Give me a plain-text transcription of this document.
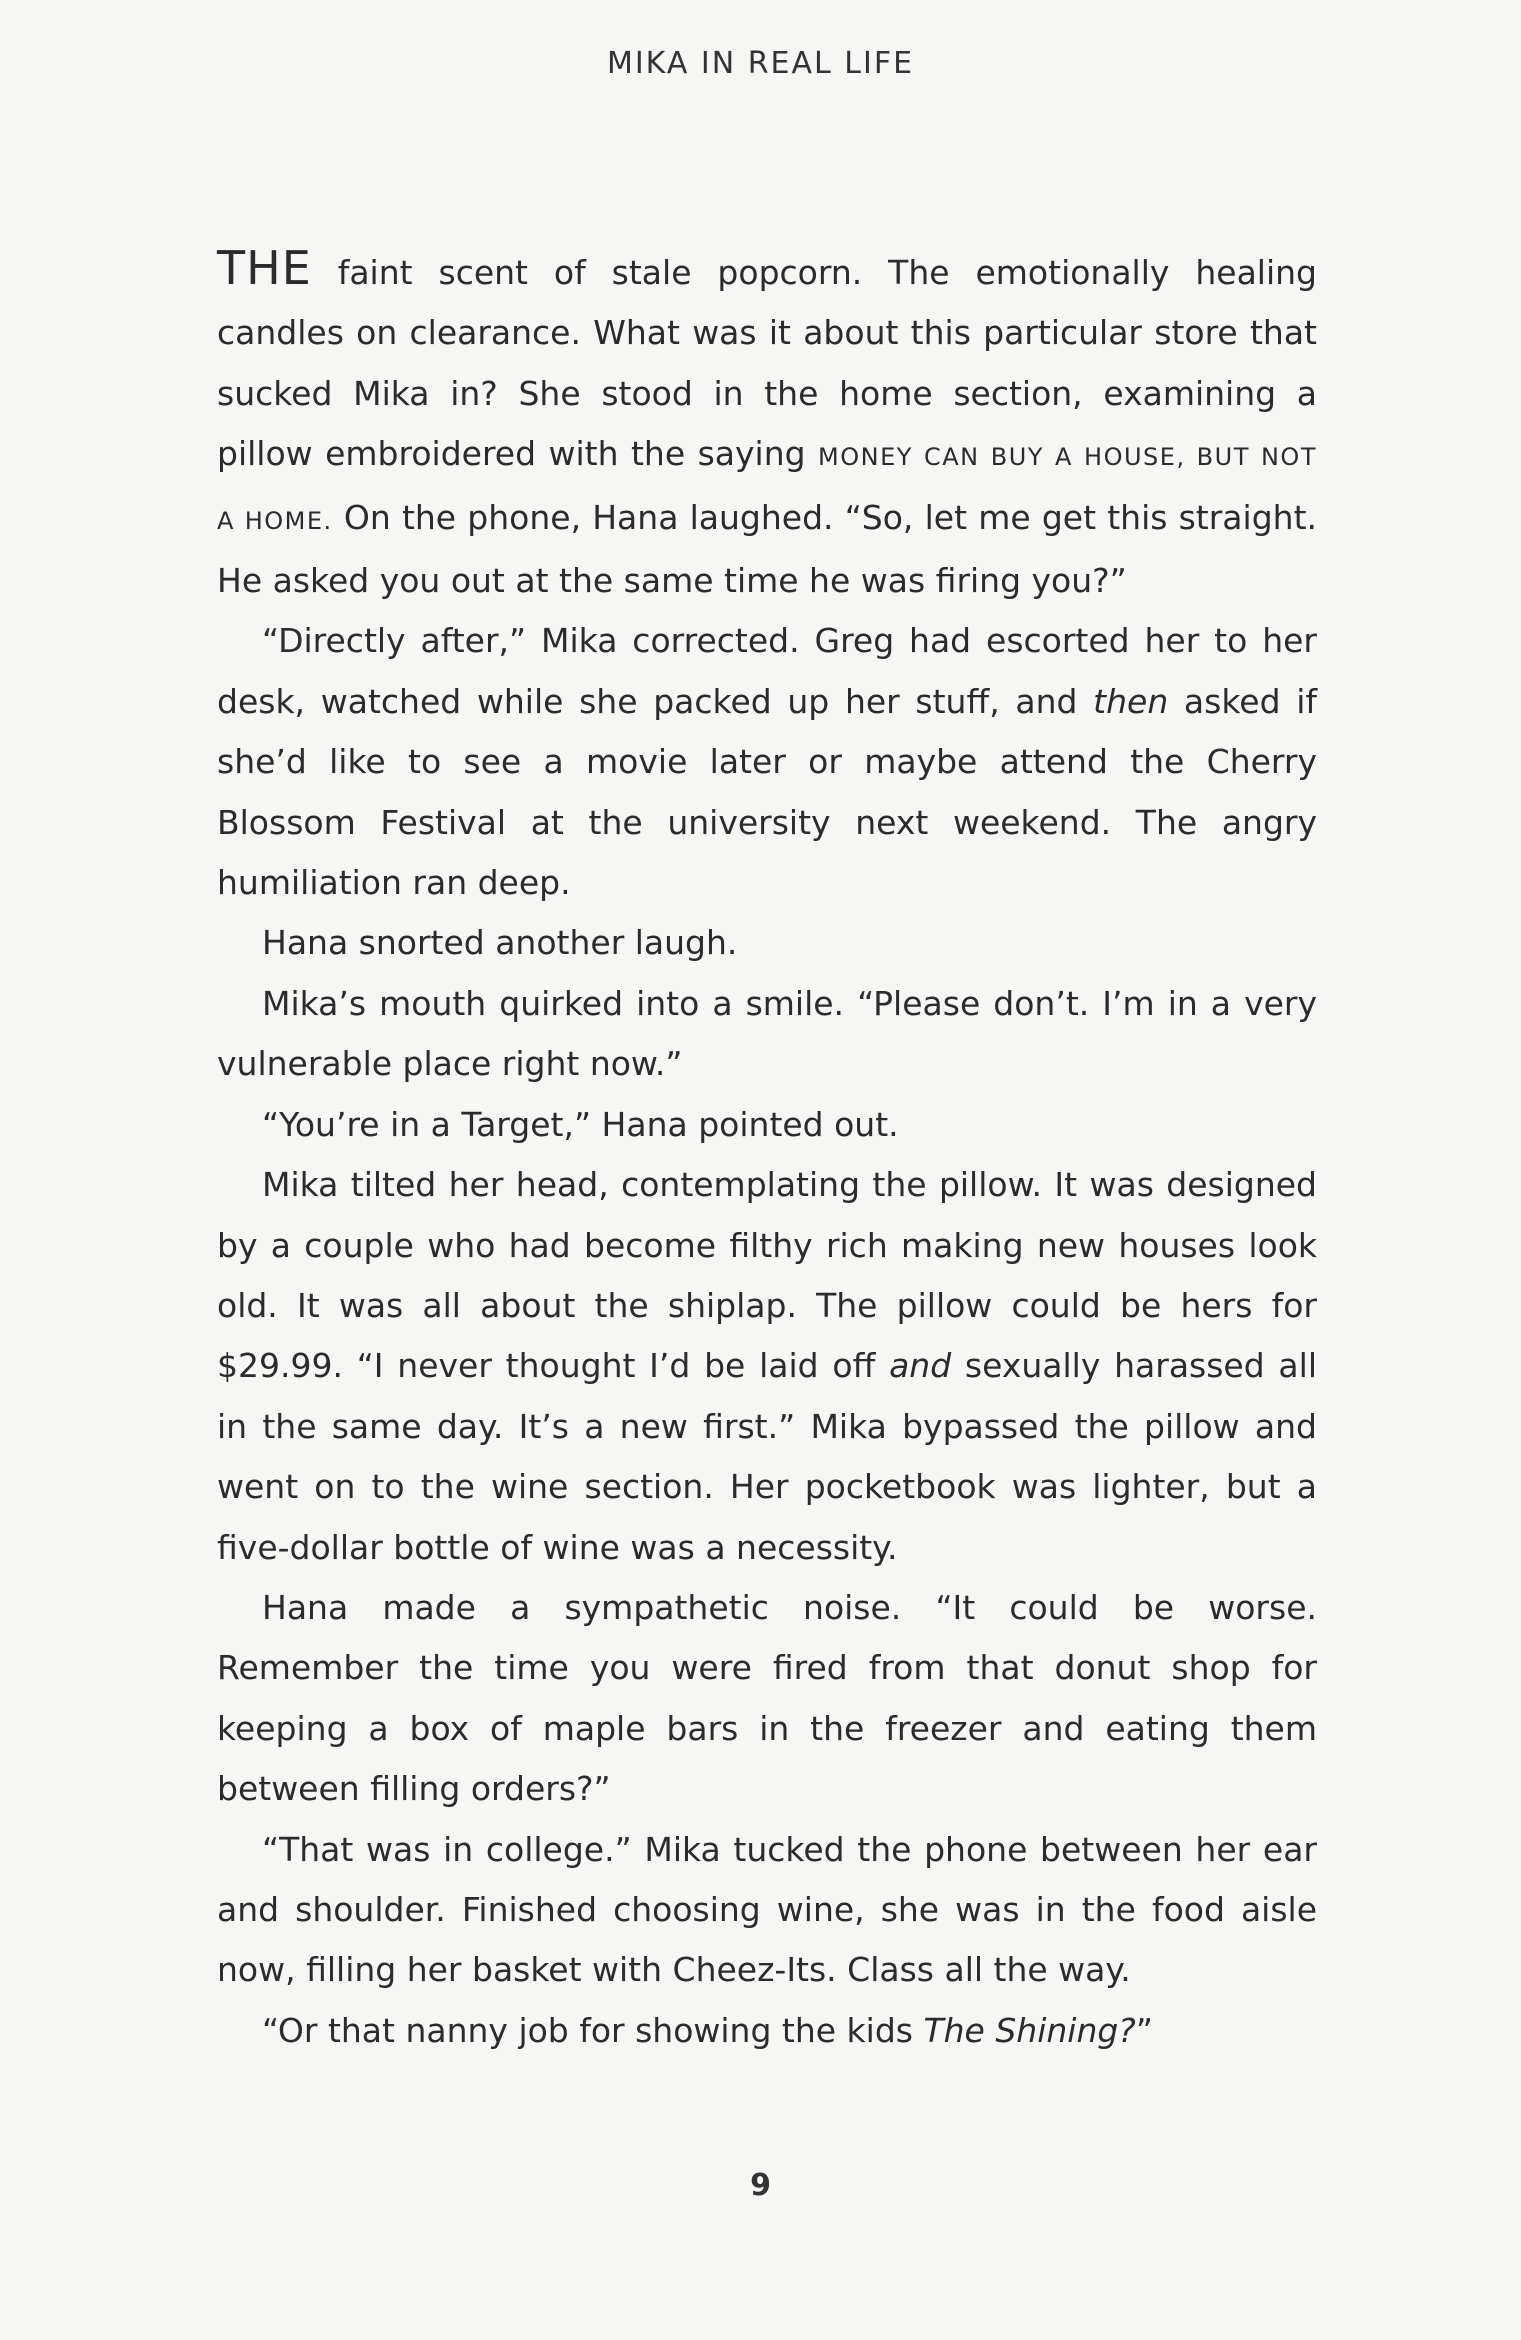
MIKA IN REAL LIFE

THE faint scent of stale popcorn. The emotionally healing candles on clearance. What was it about this particular store that sucked Mika in? She stood in the home section, examining a pillow embroidered with the saying MONEY CAN BUY A HOUSE, BUT NOT A HOME. On the phone, Hana laughed. “So, let me get this straight. He asked you out at the same time he was firing you?”

“Directly after,” Mika corrected. Greg had escorted her to her desk, watched while she packed up her stuff, and then asked if she’d like to see a movie later or maybe attend the Cherry Blossom Festival at the university next weekend. The angry humiliation ran deep.

Hana snorted another laugh.

Mika’s mouth quirked into a smile. “Please don’t. I’m in a very vulnerable place right now.”

“You’re in a Target,” Hana pointed out.

Mika tilted her head, contemplating the pillow. It was designed by a couple who had become filthy rich making new houses look old. It was all about the shiplap. The pillow could be hers for $29.99. “I never thought I’d be laid off and sexually harassed all in the same day. It’s a new first.” Mika bypassed the pillow and went on to the wine section. Her pocketbook was lighter, but a five-dollar bottle of wine was a necessity.

Hana made a sympathetic noise. “It could be worse. Remember the time you were fired from that donut shop for keeping a box of maple bars in the freezer and eating them between filling orders?”

“That was in college.” Mika tucked the phone between her ear and shoulder. Finished choosing wine, she was in the food aisle now, filling her basket with Cheez-Its. Class all the way.

“Or that nanny job for showing the kids The Shining?”

9
